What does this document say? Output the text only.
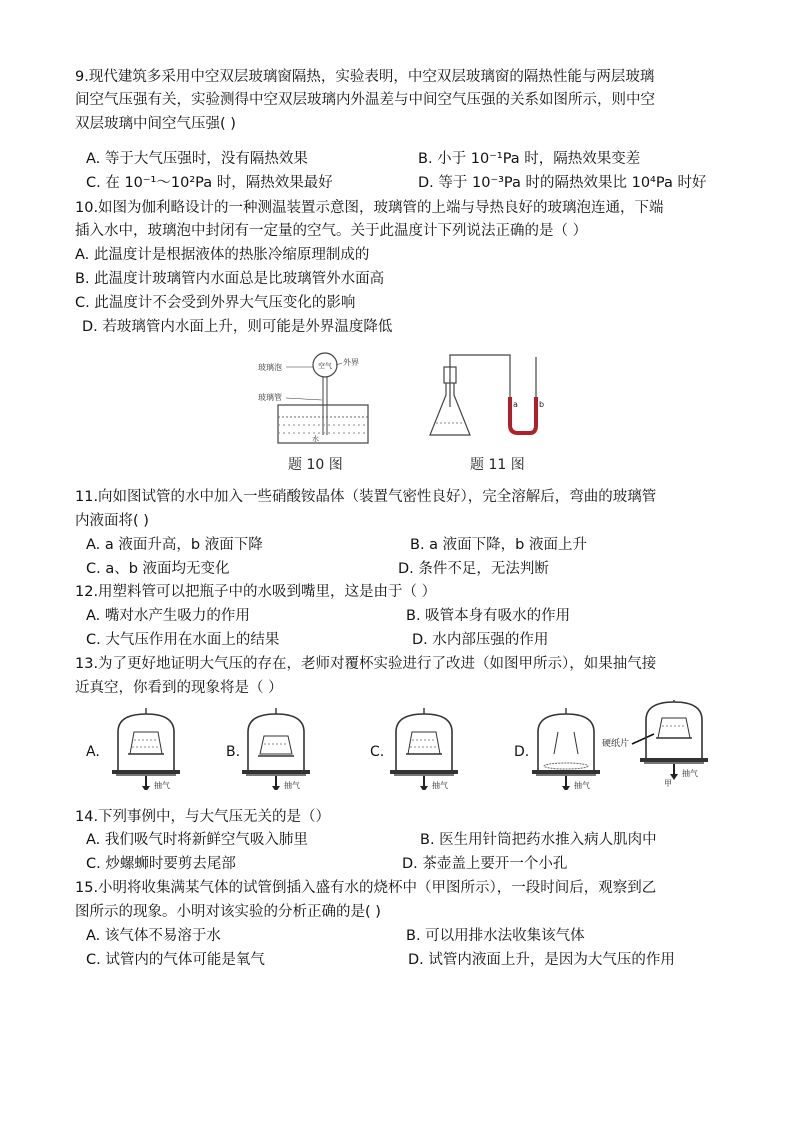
9.现代建筑多采用中空双层玻璃窗隔热，实验表明，中空双层玻璃窗的隔热性能与两层玻璃
间空气压强有关，实验测得中空双层玻璃内外温差与中间空气压强的关系如图所示，则中空
双层玻璃中间空气压强( )
A. 等于大气压强时，没有隔热效果	B. 小于 10⁻¹Pa 时，隔热效果变差
C. 在 10⁻¹～10²Pa 时，隔热效果最好	D. 等于 10⁻³Pa 时的隔热效果比 10⁴Pa 时好
10.如图为伽利略设计的一种测温装置示意图，玻璃管的上端与导热良好的玻璃泡连通，下端
插入水中，玻璃泡中封闭有一定量的空气。关于此温度计下列说法正确的是（ ）
A. 此温度计是根据液体的热胀冷缩原理制成的
B. 此温度计玻璃管内水面总是比玻璃管外水面高
C. 此温度计不会受到外界大气压变化的影响
D. 若玻璃管内水面上升，则可能是外界温度降低
玻璃泡	空气 外界
玻璃管
水
题 10 图
a	b
题 11 图
11.向如图试管的水中加入一些硝酸铵晶体（装置气密性良好），完全溶解后，弯曲的玻璃管
内液面将( )
A. a 液面升高，b 液面下降	B. a 液面下降，b 液面上升
C. a、b 液面均无变化	D. 条件不足，无法判断
12.用塑料管可以把瓶子中的水吸到嘴里，这是由于（ ）
A. 嘴对水产生吸力的作用	B. 吸管本身有吸水的作用
C. 大气压作用在水面上的结果	D. 水内部压强的作用
13.为了更好地证明大气压的存在，老师对覆杯实验进行了改进（如图甲所示），如果抽气接
近真空，你看到的现象将是（ ）
A.
抽气
B.
抽气
C.
抽气
D.
抽气
硬纸片
抽气
甲
14.下列事例中，与大气压无关的是（）
A. 我们吸气时将新鲜空气吸入肺里	B. 医生用针筒把药水推入病人肌肉中
C. 炒螺蛳时要剪去尾部	D. 茶壶盖上要开一个小孔
15.小明将收集满某气体的试管倒插入盛有水的烧杯中（甲图所示），一段时间后，观察到乙
图所示的现象。小明对该实验的分析正确的是( )
A. 该气体不易溶于水	B. 可以用排水法收集该气体
C. 试管内的气体可能是氧气	D. 试管内液面上升，是因为大气压的作用
